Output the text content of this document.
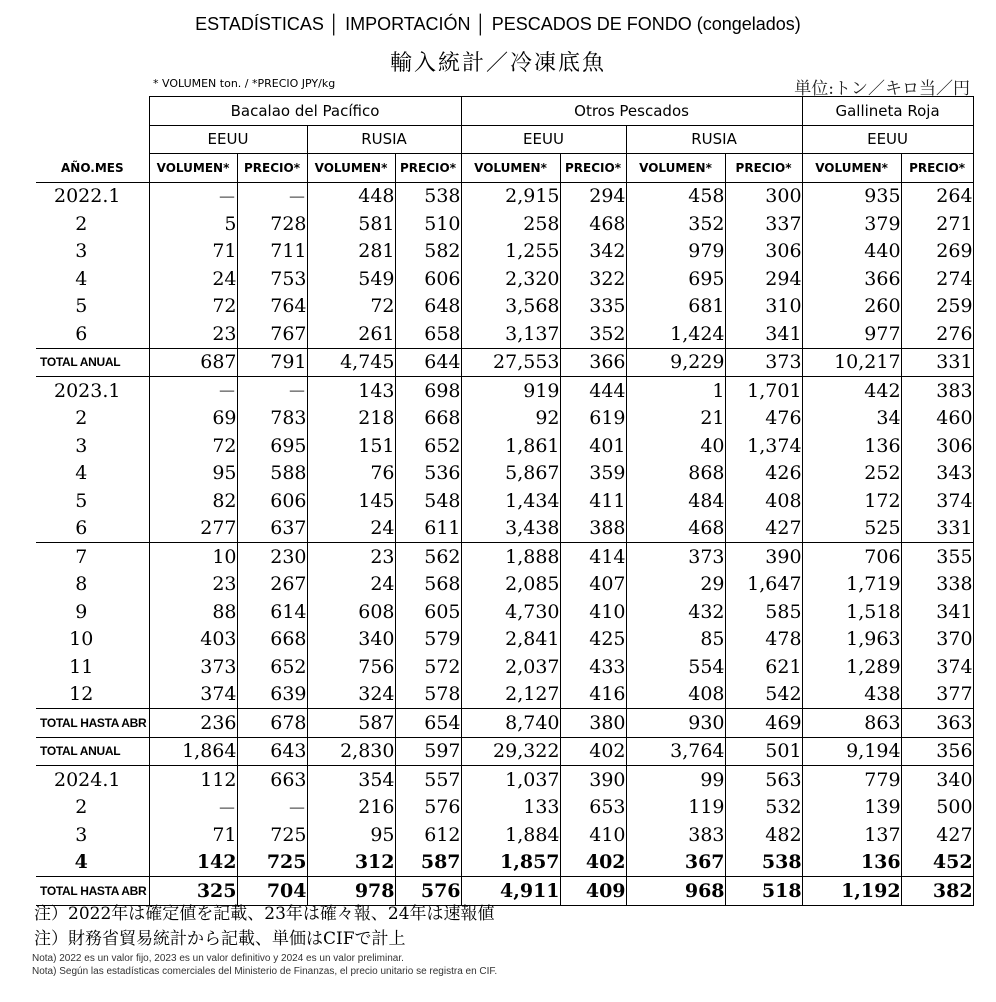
ESTADÍSTICAS │ IMPORTACIÓN │ PESCADOS DE FONDO (congelados)
輸入統計／冷凍底魚
* VOLUMEN ton. / *PRECIO JPY/kg	単位:トン／キロ当／円
	Bacalao del Pacífico				Otros Pescados				Gallineta Roja	
	EEUU		RUSIA		EEUU		RUSIA		EEUU	
AÑO.MES	VOLUMEN*	PRECIO*	VOLUMEN*	PRECIO*	VOLUMEN*	PRECIO*	VOLUMEN*	PRECIO*	VOLUMEN*	PRECIO*
2022.1	－	－	448	538	2,915	294	458	300	935	264
2	5	728	581	510	258	468	352	337	379	271
3	71	711	281	582	1,255	342	979	306	440	269
4	24	753	549	606	2,320	322	695	294	366	274
5	72	764	72	648	3,568	335	681	310	260	259
6	23	767	261	658	3,137	352	1,424	341	977	276
TOTAL ANUAL	687	791	4,745	644	27,553	366	9,229	373	10,217	331
2023.1	－	－	143	698	919	444	1	1,701	442	383
2	69	783	218	668	92	619	21	476	34	460
3	72	695	151	652	1,861	401	40	1,374	136	306
4	95	588	76	536	5,867	359	868	426	252	343
5	82	606	145	548	1,434	411	484	408	172	374
6	277	637	24	611	3,438	388	468	427	525	331
7	10	230	23	562	1,888	414	373	390	706	355
8	23	267	24	568	2,085	407	29	1,647	1,719	338
9	88	614	608	605	4,730	410	432	585	1,518	341
10	403	668	340	579	2,841	425	85	478	1,963	370
11	373	652	756	572	2,037	433	554	621	1,289	374
12	374	639	324	578	2,127	416	408	542	438	377
TOTAL HASTA ABR	236	678	587	654	8,740	380	930	469	863	363
TOTAL ANUAL	1,864	643	2,830	597	29,322	402	3,764	501	9,194	356
2024.1	112	663	354	557	1,037	390	99	563	779	340
2	－	－	216	576	133	653	119	532	139	500
3	71	725	95	612	1,884	410	383	482	137	427
4	142	725	312	587	1,857	402	367	538	136	452
TOTAL HASTA ABR	325	704	978	576	4,911	409	968	518	1,192	382
注）2022年は確定値を記載、23年は確々報、24年は速報値
注）財務省貿易統計から記載、単価はCIFで計上
Nota) 2022 es un valor fijo, 2023 es un valor definitivo y 2024 es un valor preliminar.
Nota) Según las estadísticas comerciales del Ministerio de Finanzas, el precio unitario se registra en CIF.
